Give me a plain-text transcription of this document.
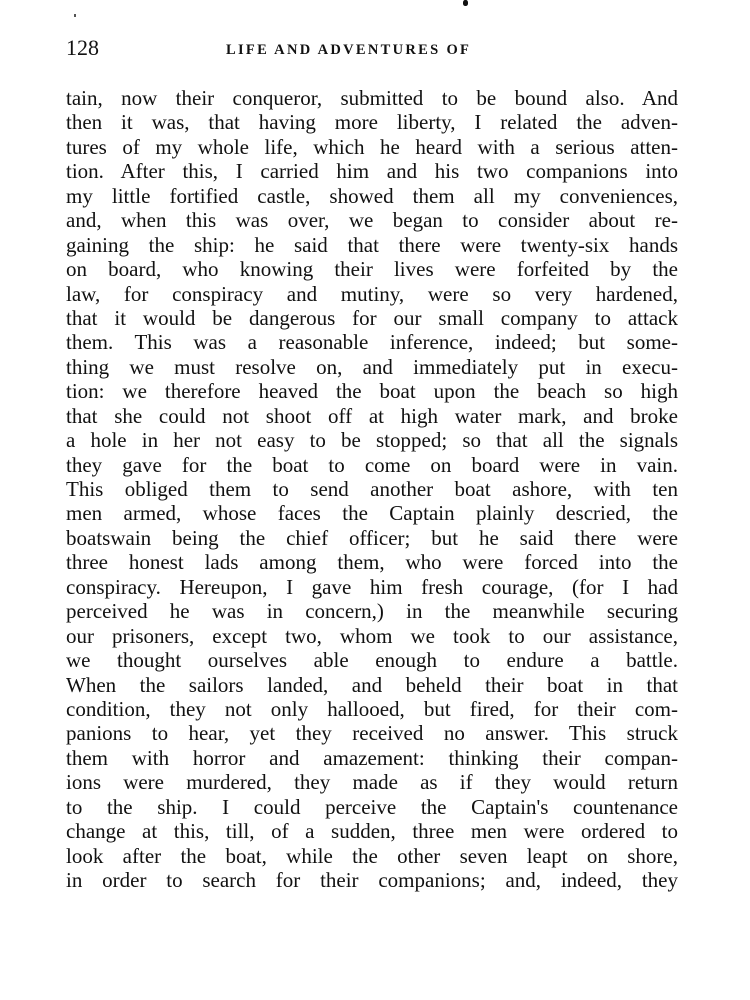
128	LIFE AND ADVENTURES OF
tain, now their conqueror, submitted to be bound also. And
then it was, that having more liberty, I related the adven-
tures of my whole life, which he heard with a serious atten-
tion. After this, I carried him and his two companions into
my little fortified castle, showed them all my conveniences,
and, when this was over, we began to consider about re-
gaining the ship: he said that there were twenty-six hands
on board, who knowing their lives were forfeited by the
law, for conspiracy and mutiny, were so very hardened,
that it would be dangerous for our small company to attack
them. This was a reasonable inference, indeed; but some-
thing we must resolve on, and immediately put in execu-
tion: we therefore heaved the boat upon the beach so high
that she could not shoot off at high water mark, and broke
a hole in her not easy to be stopped; so that all the signals
they gave for the boat to come on board were in vain.
This obliged them to send another boat ashore, with ten
men armed, whose faces the Captain plainly descried, the
boatswain being the chief officer; but he said there were
three honest lads among them, who were forced into the
conspiracy. Hereupon, I gave him fresh courage, (for I had
perceived he was in concern,) in the meanwhile securing
our prisoners, except two, whom we took to our assistance,
we thought ourselves able enough to endure a battle.
When the sailors landed, and beheld their boat in that
condition, they not only hallooed, but fired, for their com-
panions to hear, yet they received no answer. This struck
them with horror and amazement: thinking their compan-
ions were murdered, they made as if they would return
to the ship. I could perceive the Captain's countenance
change at this, till, of a sudden, three men were ordered to
look after the boat, while the other seven leapt on shore,
in order to search for their companions; and, indeed, they
